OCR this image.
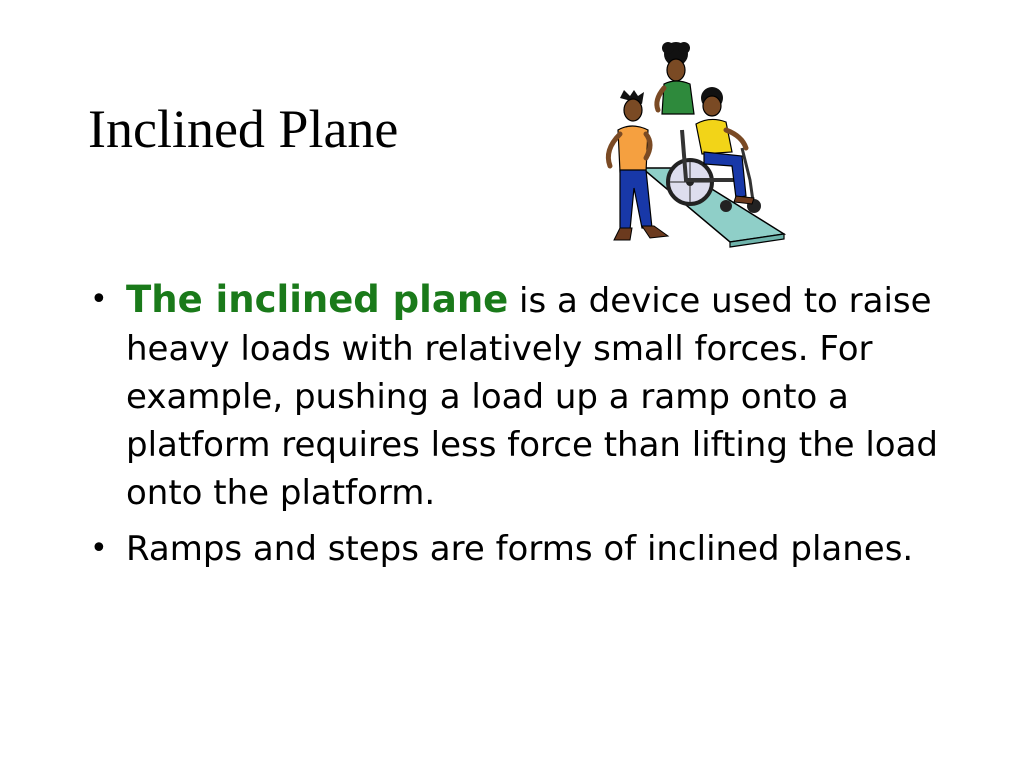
Inclined Plane
• The inclined plane is a device used to raise heavy loads with relatively small forces. For example, pushing a load up a ramp onto a platform requires less force than lifting the load onto the platform.
• Ramps and steps are forms of inclined planes.
